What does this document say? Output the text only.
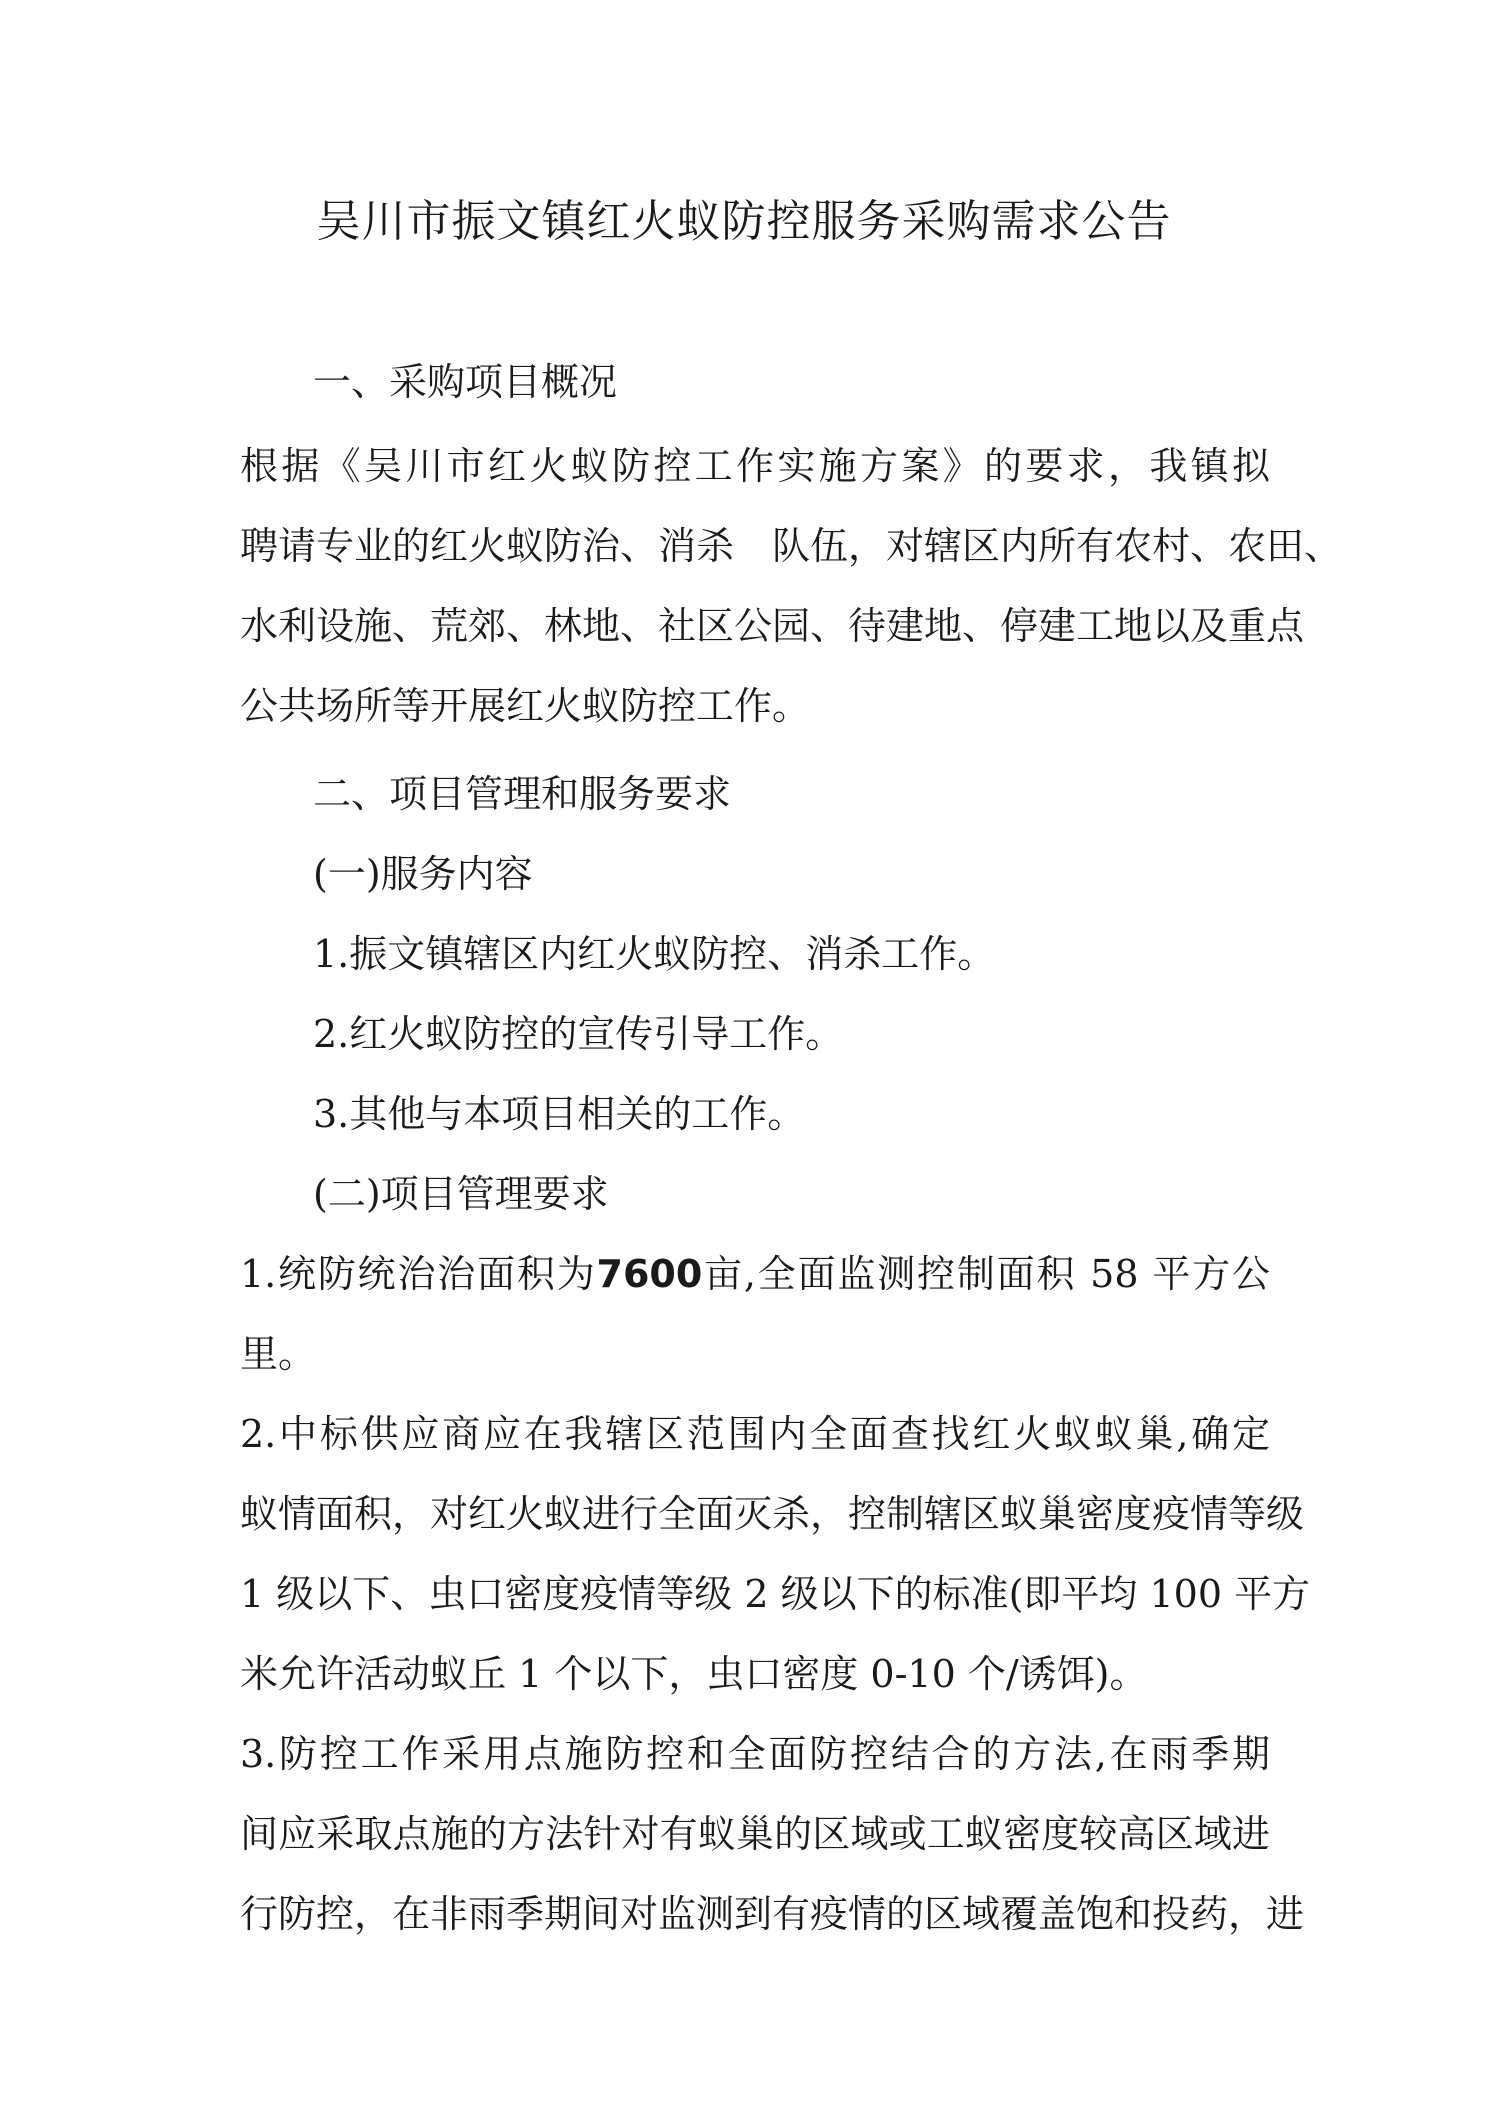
吴川市振文镇红火蚁防控服务采购需求公告
一、采购项目概况
根据《吴川市红火蚁防控工作实施方案》的要求，我镇拟
聘请专业的红火蚁防治、消杀　队伍，对辖区内所有农村、农田、
水利设施、荒郊、林地、社区公园、待建地、停建工地以及重点
公共场所等开展红火蚁防控工作。
二、项目管理和服务要求
(一)服务内容
1.振文镇辖区内红火蚁防控、消杀工作。
2.红火蚁防控的宣传引导工作。
3.其他与本项目相关的工作。
(二)项目管理要求
1.统防统治治面积为7600亩,全面监测控制面积 58 平方公
里。
2.中标供应商应在我辖区范围内全面查找红火蚁蚁巢,确定
蚁情面积，对红火蚁进行全面灭杀，控制辖区蚁巢密度疫情等级
1 级以下、虫口密度疫情等级 2 级以下的标准(即平均 100 平方
米允许活动蚁丘 1 个以下，虫口密度 0-10 个/诱饵)。
3.防控工作采用点施防控和全面防控结合的方法,在雨季期
间应采取点施的方法针对有蚁巢的区域或工蚁密度较高区域进
行防控，在非雨季期间对监测到有疫情的区域覆盖饱和投药，进
